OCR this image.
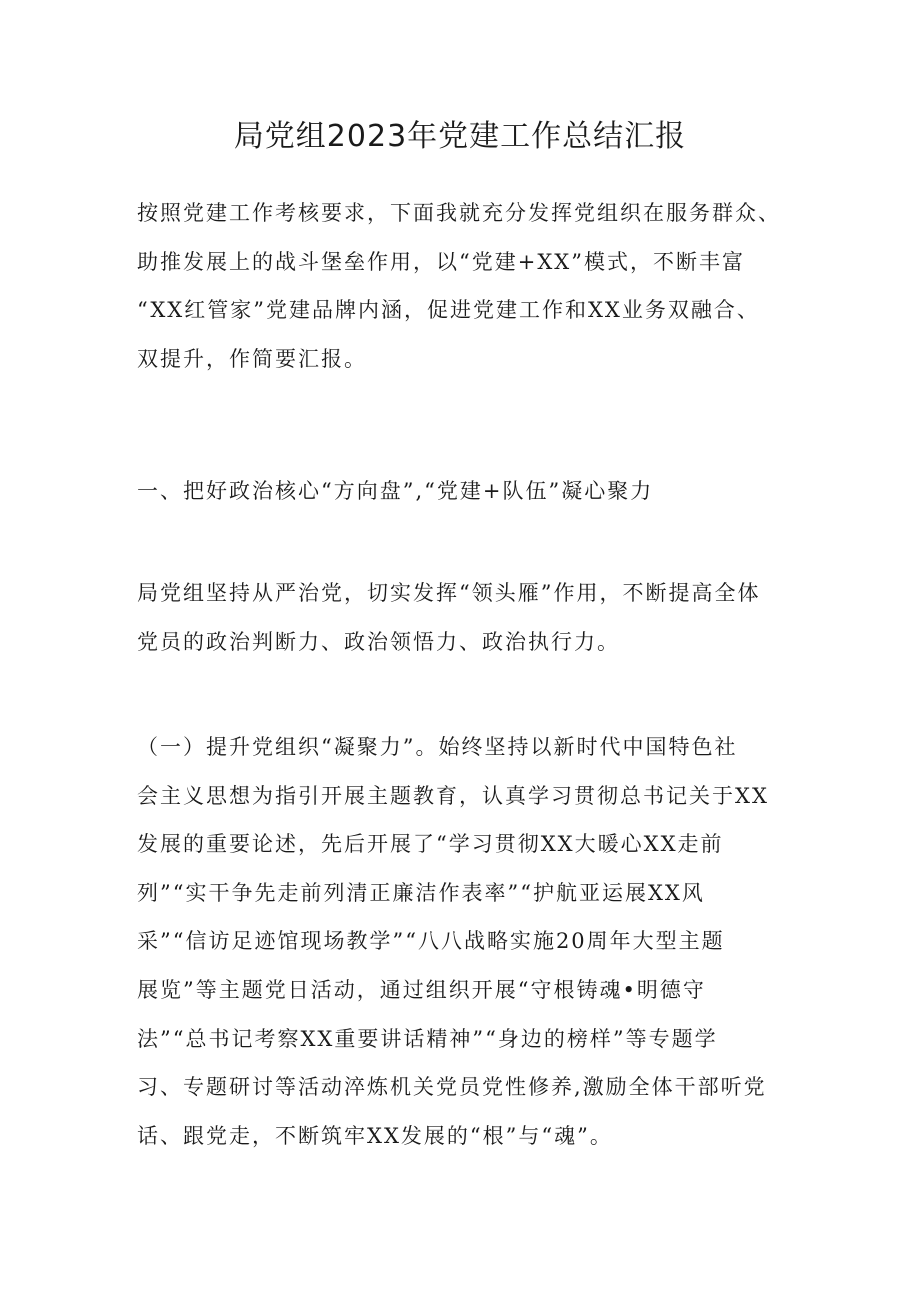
局党组2023年党建工作总结汇报
按照党建工作考核要求，下面我就充分发挥党组织在服务群众、
助推发展上的战斗堡垒作用，以“党建+XX”模式，不断丰富
“XX红管家”党建品牌内涵，促进党建工作和XX业务双融合、
双提升，作简要汇报。
一、把好政治核心“方向盘”,“党建+队伍”凝心聚力
局党组坚持从严治党，切实发挥“领头雁”作用，不断提高全体
党员的政治判断力、政治领悟力、政治执行力。
（一）提升党组织“凝聚力”。始终坚持以新时代中国特色社
会主义思想为指引开展主题教育，认真学习贯彻总书记关于XX
发展的重要论述，先后开展了“学习贯彻XX大暖心XX走前
列”“实干争先走前列清正廉洁作表率”“护航亚运展XX风
采”“信访足迹馆现场教学”“八八战略实施20周年大型主题
展览”等主题党日活动，通过组织开展“守根铸魂•明德守
法”“总书记考察XX重要讲话精神”“身边的榜样”等专题学
习、专题研讨等活动淬炼机关党员党性修养,激励全体干部听党
话、跟党走，不断筑牢XX发展的“根”与“魂”。
